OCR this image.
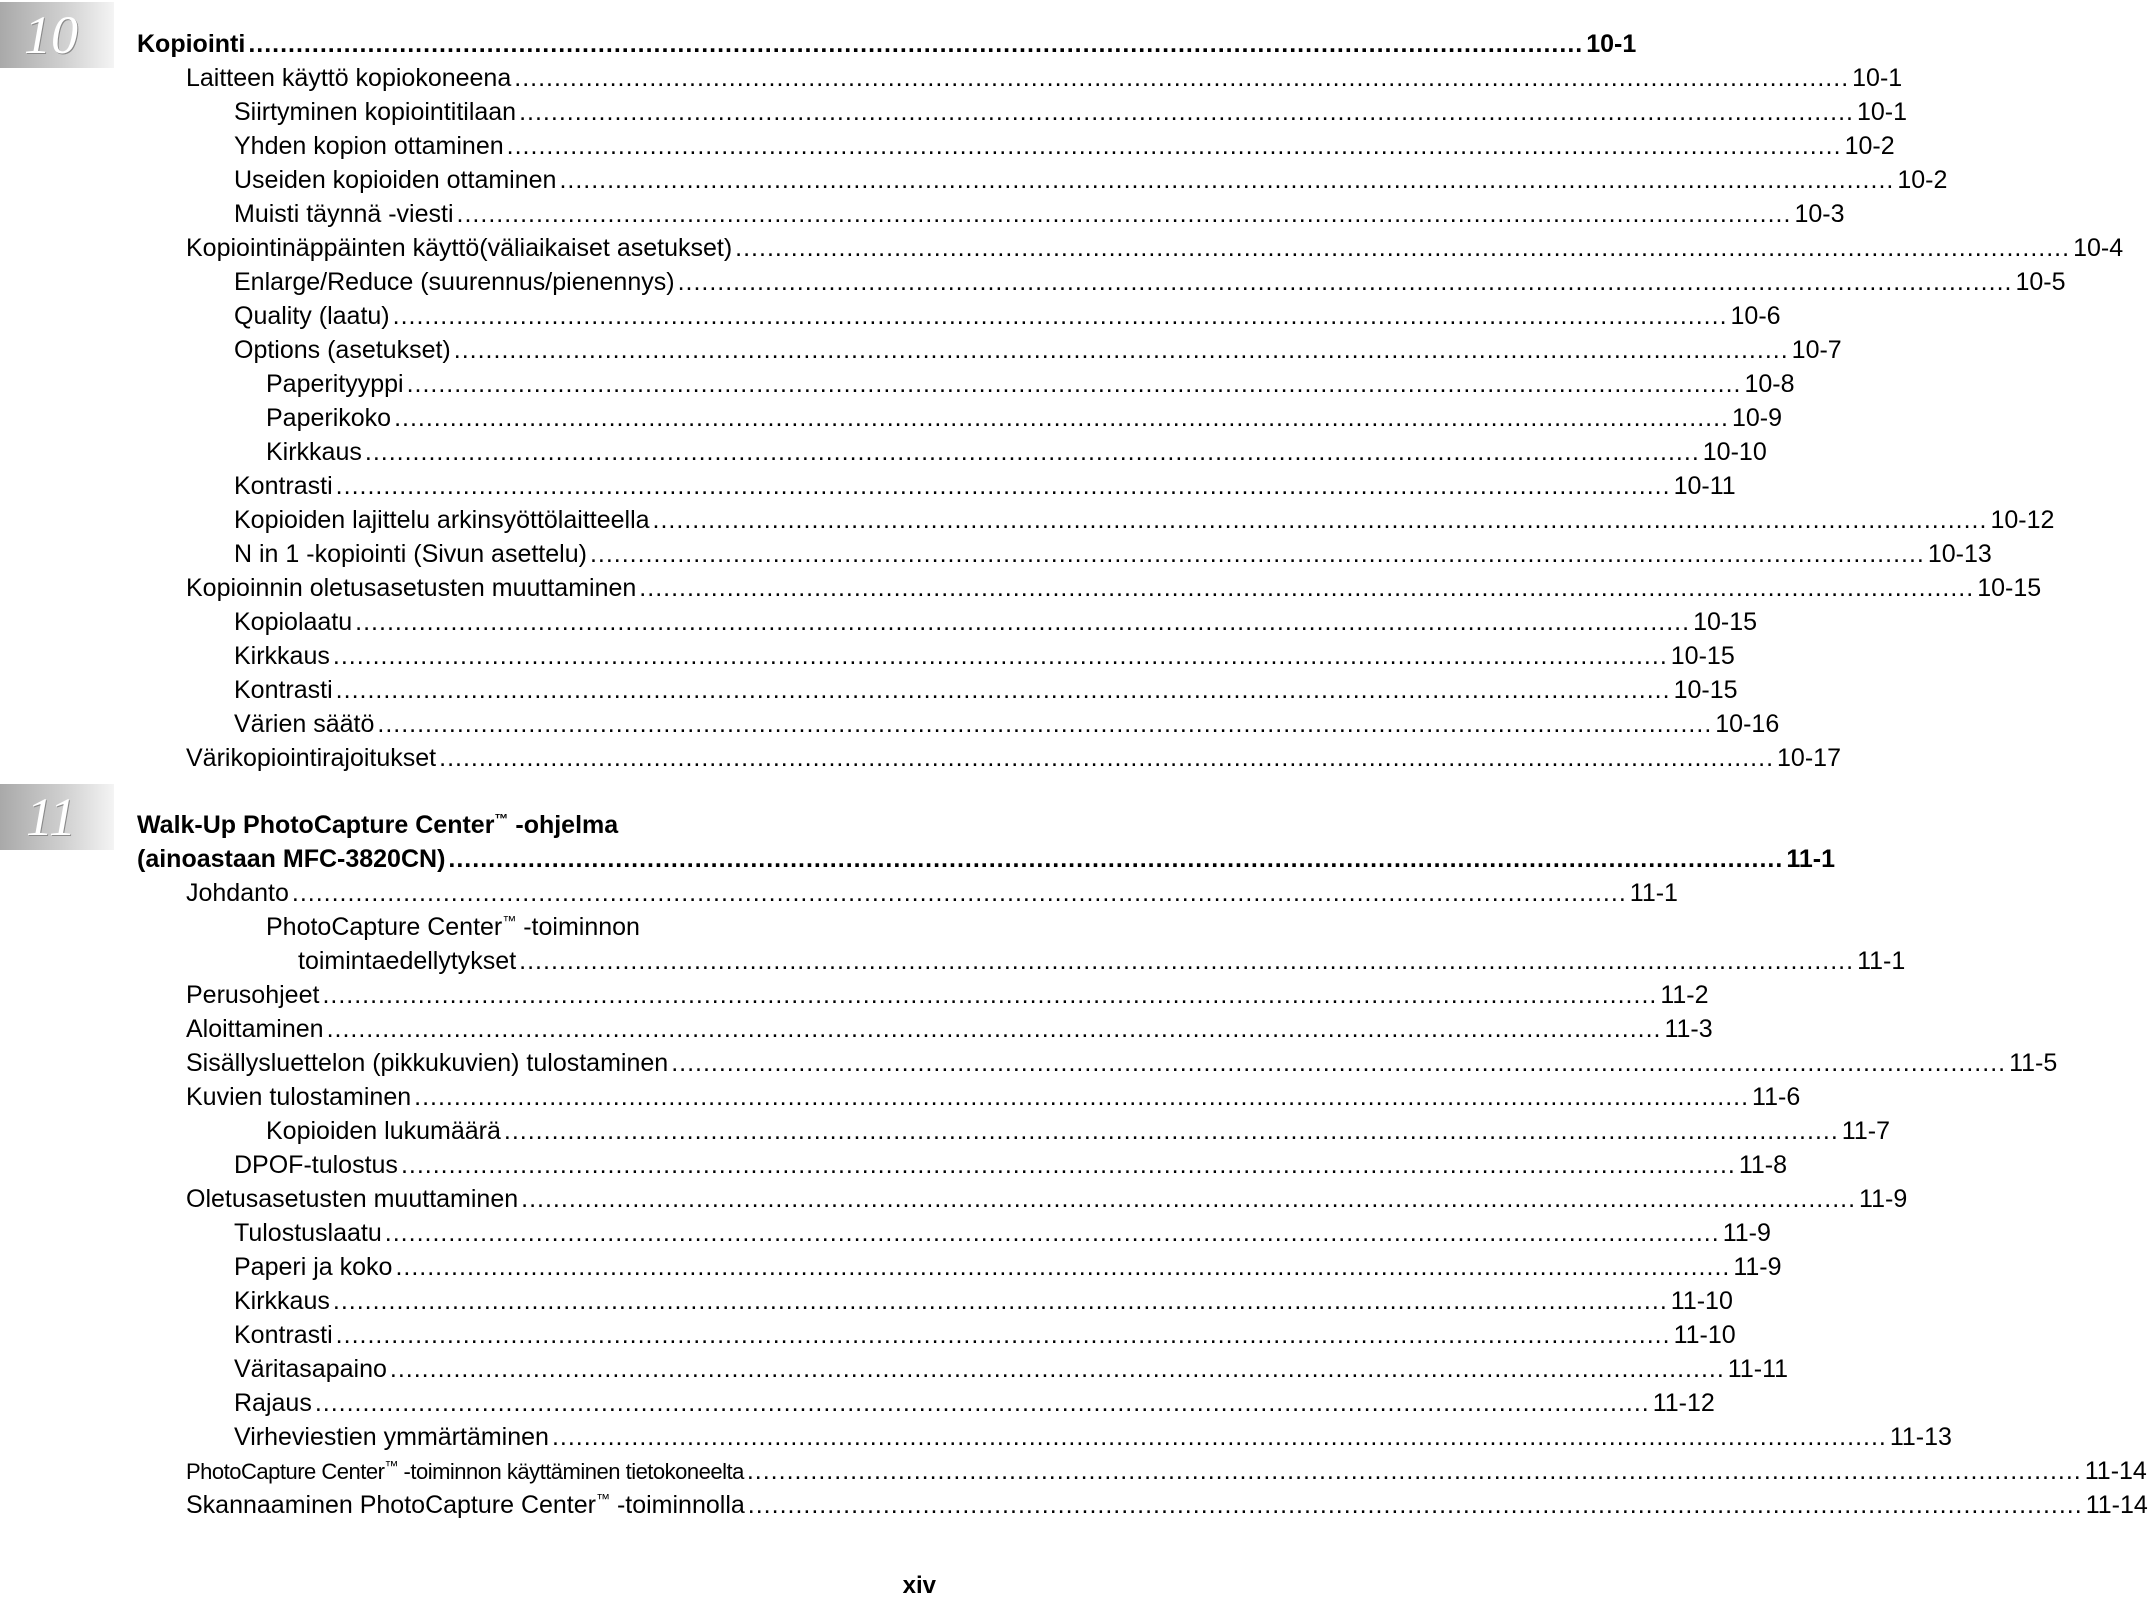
10
11
Kopiointi ........................................................................................................................................................................ 10-1
Laitteen käyttö kopiokoneena ........................................................................................................................................................................ 10-1
Siirtyminen kopiointitilaan ........................................................................................................................................................................ 10-1
Yhden kopion ottaminen ........................................................................................................................................................................ 10-2
Useiden kopioiden ottaminen ........................................................................................................................................................................ 10-2
Muisti täynnä -viesti ........................................................................................................................................................................ 10-3
Kopiointinäppäinten käyttö(väliaikaiset asetukset) ........................................................................................................................................................................ 10-4
Enlarge/Reduce (suurennus/pienennys) ........................................................................................................................................................................ 10-5
Quality (laatu) ........................................................................................................................................................................ 10-6
Options (asetukset) ........................................................................................................................................................................ 10-7
Paperityyppi ........................................................................................................................................................................ 10-8
Paperikoko ........................................................................................................................................................................ 10-9
Kirkkaus ........................................................................................................................................................................ 10-10
Kontrasti ........................................................................................................................................................................ 10-11
Kopioiden lajittelu arkinsyöttölaitteella ........................................................................................................................................................................ 10-12
N in 1 -kopiointi (Sivun asettelu) ........................................................................................................................................................................ 10-13
Kopioinnin oletusasetusten muuttaminen ........................................................................................................................................................................ 10-15
Kopiolaatu ........................................................................................................................................................................ 10-15
Kirkkaus ........................................................................................................................................................................ 10-15
Kontrasti ........................................................................................................................................................................ 10-15
Värien säätö ........................................................................................................................................................................ 10-16
Värikopiointirajoitukset ........................................................................................................................................................................ 10-17
Walk-Up PhotoCapture Center™ -ohjelma
(ainoastaan MFC-3820CN) ........................................................................................................................................................................ 11-1
Johdanto ........................................................................................................................................................................ 11-1
PhotoCapture Center™ -toiminnon
toimintaedellytykset ........................................................................................................................................................................ 11-1
Perusohjeet ........................................................................................................................................................................ 11-2
Aloittaminen ........................................................................................................................................................................ 11-3
Sisällysluettelon (pikkukuvien) tulostaminen ........................................................................................................................................................................ 11-5
Kuvien tulostaminen ........................................................................................................................................................................ 11-6
Kopioiden lukumäärä ........................................................................................................................................................................ 11-7
DPOF-tulostus ........................................................................................................................................................................ 11-8
Oletusasetusten muuttaminen ........................................................................................................................................................................ 11-9
Tulostuslaatu ........................................................................................................................................................................ 11-9
Paperi ja koko ........................................................................................................................................................................ 11-9
Kirkkaus ........................................................................................................................................................................ 11-10
Kontrasti ........................................................................................................................................................................ 11-10
Väritasapaino ........................................................................................................................................................................ 11-11
Rajaus ........................................................................................................................................................................ 11-12
Virheviestien ymmärtäminen ........................................................................................................................................................................ 11-13
PhotoCapture Center™ -toiminnon käyttäminen tietokoneelta ........................................................................................................................................................................ 11-14
Skannaaminen PhotoCapture Center™ -toiminnolla ........................................................................................................................................................................ 11-14
xiv
